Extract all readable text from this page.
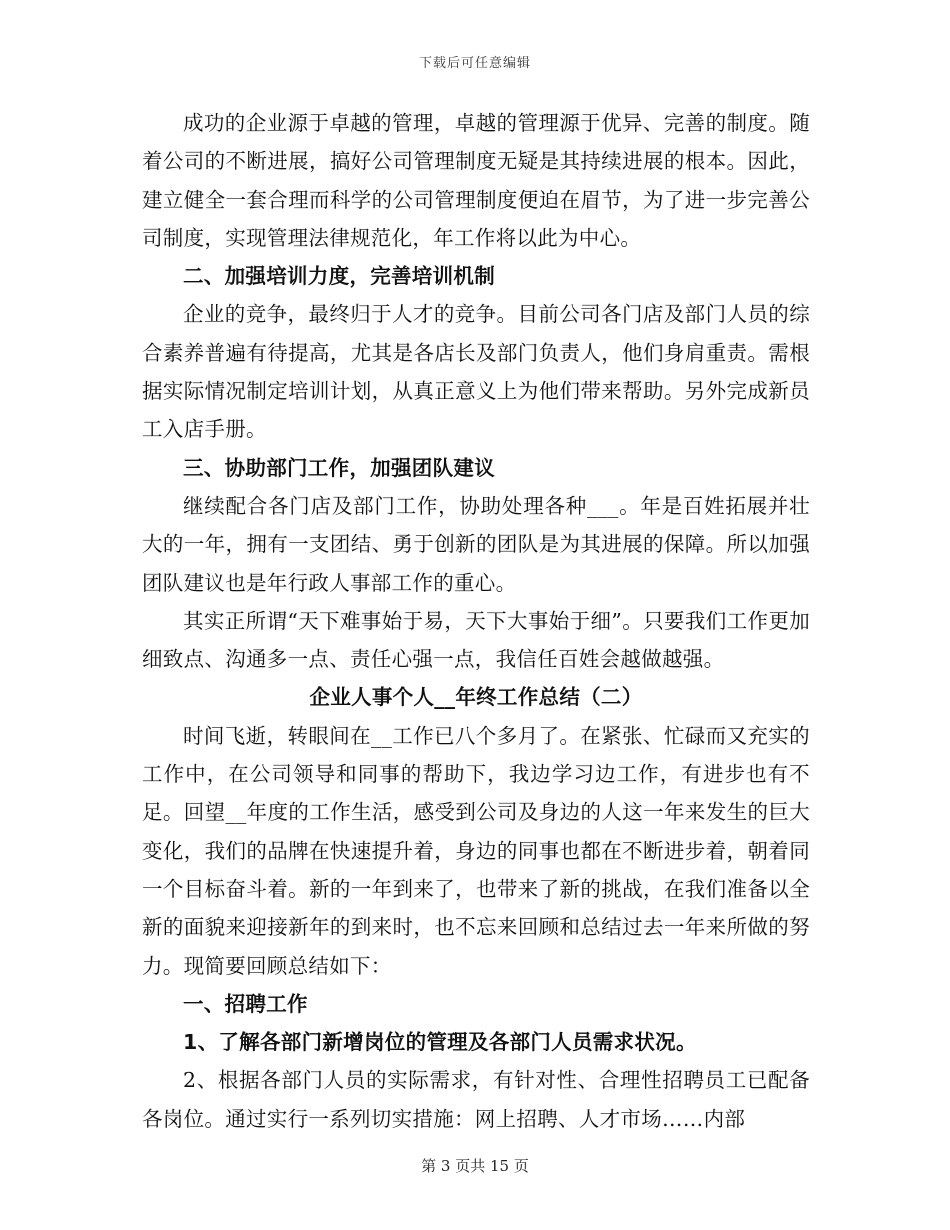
下载后可任意编辑

成功的企业源于卓越的管理，卓越的管理源于优异、完善的制度。随着公司的不断进展，搞好公司管理制度无疑是其持续进展的根本。因此，建立健全一套合理而科学的公司管理制度便迫在眉节，为了进一步完善公司制度，实现管理法律规范化，年工作将以此为中心。

二、加强培训力度，完善培训机制

企业的竞争，最终归于人才的竞争。目前公司各门店及部门人员的综合素养普遍有待提高，尤其是各店长及部门负责人，他们身肩重责。需根据实际情况制定培训计划，从真正意义上为他们带来帮助。另外完成新员工入店手册。

三、协助部门工作，加强团队建议

继续配合各门店及部门工作，协助处理各种___。年是百姓拓展并壮大的一年，拥有一支团结、勇于创新的团队是为其进展的保障。所以加强团队建议也是年行政人事部工作的重心。

其实正所谓“天下难事始于易，天下大事始于细”。只要我们工作更加细致点、沟通多一点、责任心强一点，我信任百姓会越做越强。

企业人事个人__年终工作总结（二）

时间飞逝，转眼间在__工作已八个多月了。在紧张、忙碌而又充实的工作中，在公司领导和同事的帮助下，我边学习边工作，有进步也有不足。回望__年度的工作生活，感受到公司及身边的人这一年来发生的巨大变化，我们的品牌在快速提升着，身边的同事也都在不断进步着，朝着同一个目标奋斗着。新的一年到来了，也带来了新的挑战，在我们准备以全新的面貌来迎接新年的到来时，也不忘来回顾和总结过去一年来所做的努力。现简要回顾总结如下：

一、招聘工作

1、了解各部门新增岗位的管理及各部门人员需求状况。

2、根据各部门人员的实际需求，有针对性、合理性招聘员工已配备各岗位。通过实行一系列切实措施：网上招聘、人才市场……内部

第 3 页共 15 页
